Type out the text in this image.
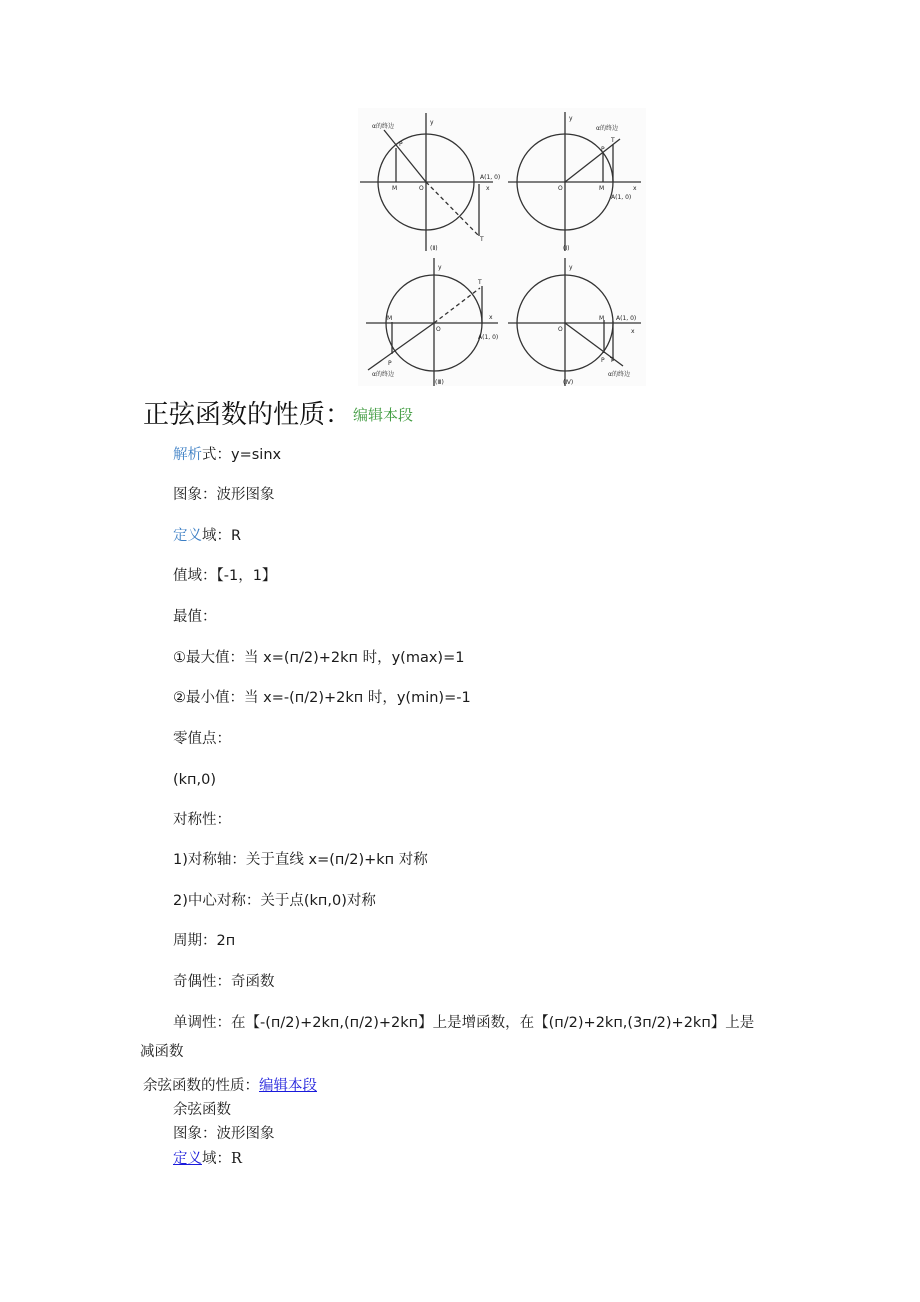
α的终边
P
M	O
A(1, 0)
x
y
T
(Ⅱ)
α的终边
P
T
O	M	x
A(1, 0)
y
(Ⅰ)
M
O
T
x
A(1, 0)
P
α的终边
y
(Ⅲ)
O
M A(1, 0)
x
P T
α的终边
y
(Ⅳ)
正弦函数的性质： 编辑本段
解析式：y=sinx
图象：波形图象
定义域：R
值域：【-1，1】
最值：
①最大值：当 x=(п/2)+2kп 时，y(max)=1
②最小值：当 x=-(п/2)+2kп 时，y(min)=-1
零值点：
(kп,0)
对称性：
1)对称轴：关于直线 x=(п/2)+kп 对称
2)中心对称：关于点(kп,0)对称
周期：2п
奇偶性：奇函数
单调性：在【-(п/2)+2kп,(п/2)+2kп】上是增函数，在【(п/2)+2kп,(3п/2)+2kп】上是
减函数
余弦函数的性质：编辑本段
余弦函数
图象：波形图象
定义域：R
